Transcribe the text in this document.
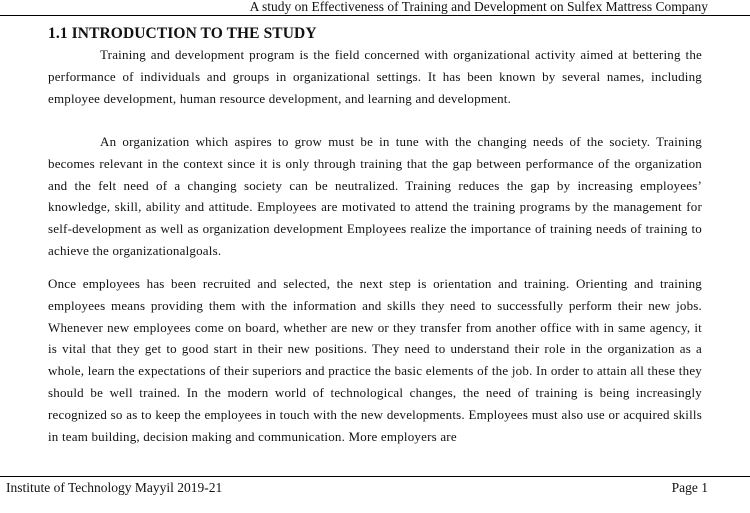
A study on Effectiveness of Training and Development on Sulfex Mattress Company
1.1 INTRODUCTION TO THE STUDY

Training and development program is the field concerned with organizational activity aimed at bettering the performance of individuals and groups in organizational settings. It has been known by several names, including employee development, human resource development, and learning and development.

An organization which aspires to grow must be in tune with the changing needs of the society. Training becomes relevant in the context since it is only through training that the gap between performance of the organization and the felt need of a changing society can be neutralized. Training reduces the gap by increasing employees’ knowledge, skill, ability and attitude. Employees are motivated to attend the training programs by the management for self-development as well as organization development Employees realize the importance of training needs of training to achieve the organizationalgoals.

Once employees has been recruited and selected, the next step is orientation and training. Orienting and training employees means providing them with the information and skills they need to successfully perform their new jobs. Whenever new employees come on board, whether are new or they transfer from another office with in same agency, it is vital that they get to good start in their new positions. They need to understand their role in the organization as a whole, learn the expectations of their superiors and practice the basic elements of the job. In order to attain all these they should be well trained. In the modern world of technological changes, the need of training is being increasingly recognized so as to keep the employees in touch with the new developments. Employees must also use or acquired skills in team building, decision making and communication. More employers are

Institute of Technology Mayyil 2019-21	Page 1
